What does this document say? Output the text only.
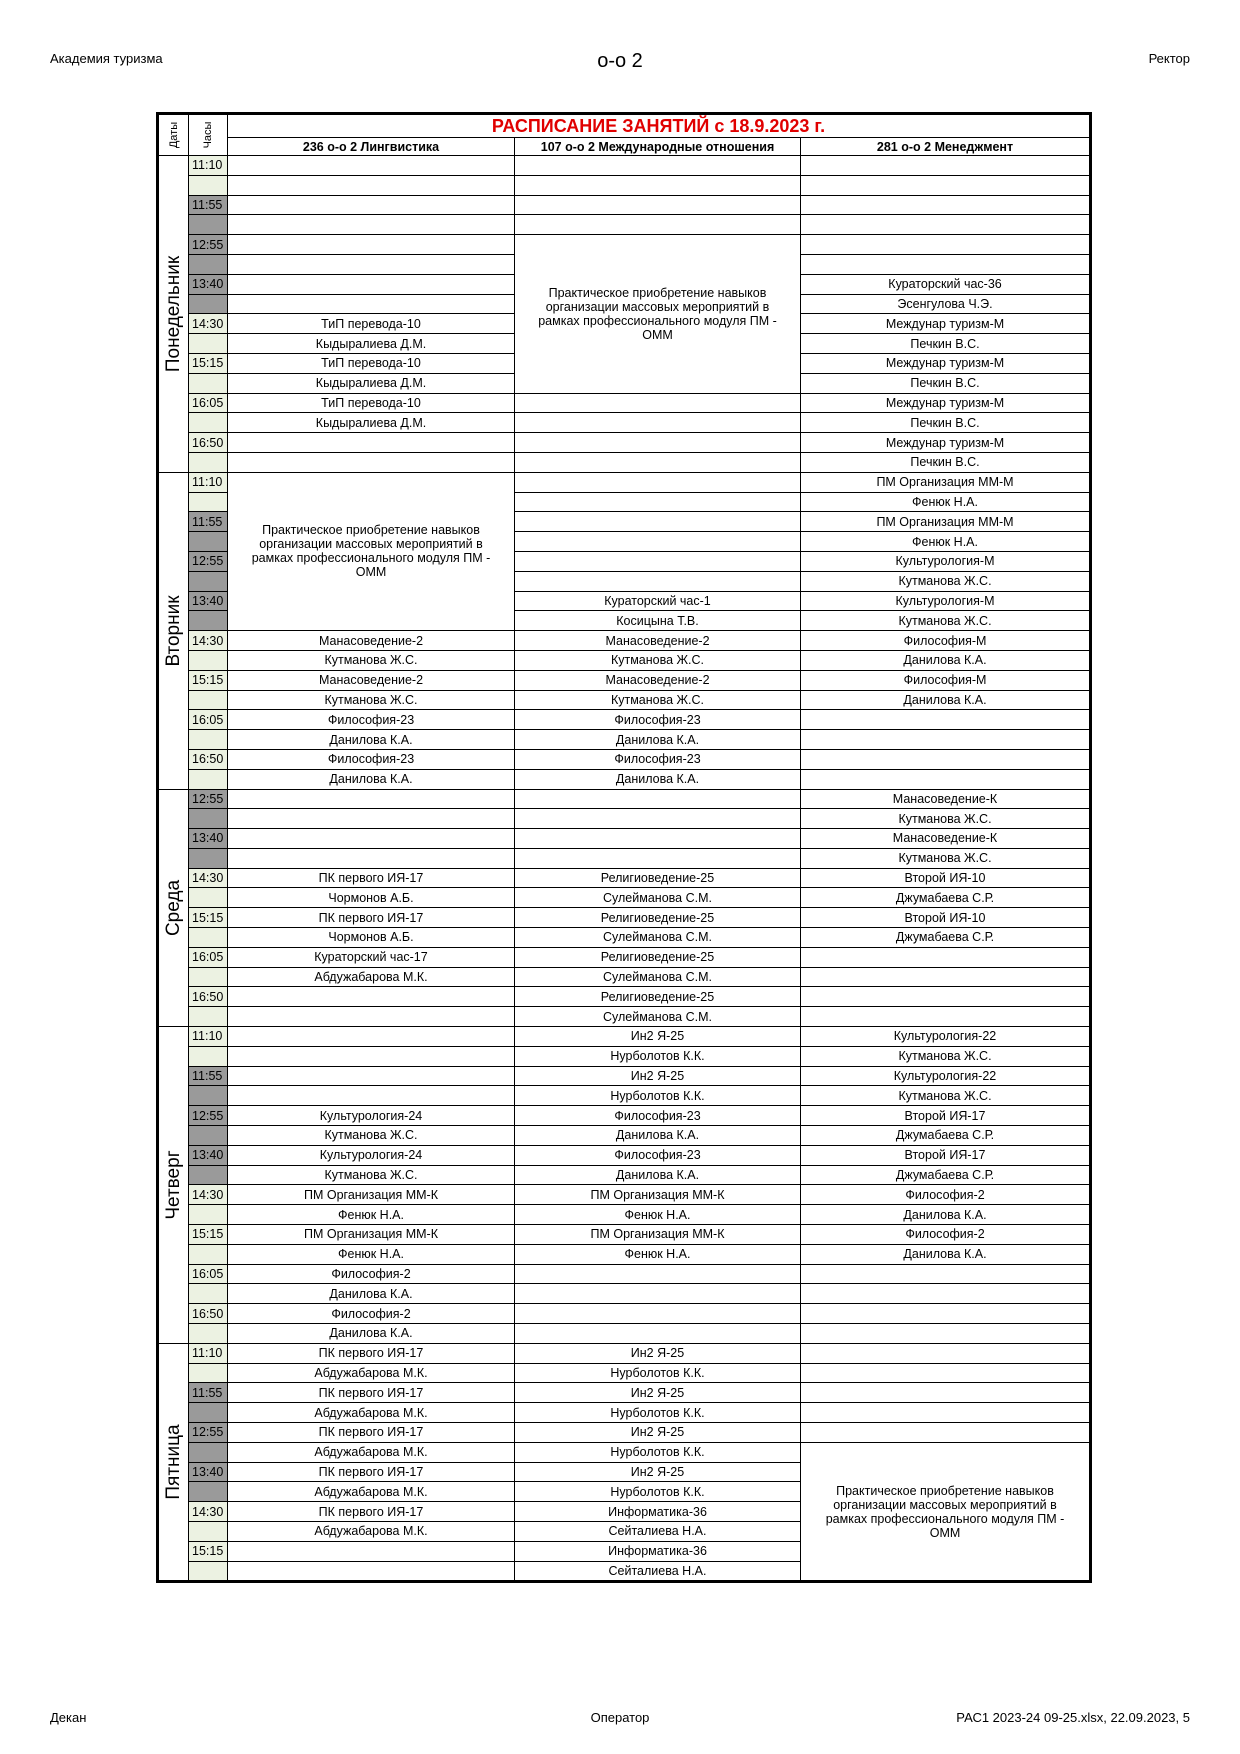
Академия туризма	о-о 2	Ректор
Даты	Часы	РАСПИСАНИЕ ЗАНЯТИЙ с 18.9.2023 г.		
		236 о-о 2 Лингвистика	107 о-о 2 Международные отношения	281 о-о 2 Менеджмент

Понедельник	11:10			

	11:55			

	12:55		Практическое приобретение навыков организации массовых мероприятий в рамках профессионального модуля ПМ - ОММ	

	13:40			Кураторский час-36
				Эсенгулова Ч.Э.
	14:30	ТиП перевода-10		Междунар туризм-М
		Кыдыралиева Д.М.		Печкин В.С.
	15:15	ТиП перевода-10		Междунар туризм-М
		Кыдыралиева Д.М.		Печкин В.С.
	16:05	ТиП перевода-10		Междунар туризм-М
		Кыдыралиева Д.М.		Печкин В.С.
	16:50			Междунар туризм-М
				Печкин В.С.

Вторник	11:10	Практическое приобретение навыков организации массовых мероприятий в рамках профессионального модуля ПМ - ОММ		ПМ Организация ММ-М
				Фенюк Н.А.
	11:55			ПМ Организация ММ-М
				Фенюк Н.А.
	12:55			Культурология-М
				Кутманова Ж.С.
	13:40		Кураторский час-1	Культурология-М
			Косицына Т.В.	Кутманова Ж.С.
	14:30	Манасоведение-2	Манасоведение-2	Философия-М
		Кутманова Ж.С.	Кутманова Ж.С.	Данилова К.А.
	15:15	Манасоведение-2	Манасоведение-2	Философия-М
		Кутманова Ж.С.	Кутманова Ж.С.	Данилова К.А.
	16:05	Философия-23	Философия-23	
		Данилова К.А.	Данилова К.А.	
	16:50	Философия-23	Философия-23	
		Данилова К.А.	Данилова К.А.	

Среда	12:55			Манасоведение-К
				Кутманова Ж.С.
	13:40			Манасоведение-К
				Кутманова Ж.С.
	14:30	ПК первого ИЯ-17	Религиоведение-25	Второй ИЯ-10
		Чормонов А.Б.	Сулейманова С.М.	Джумабаева С.Р.
	15:15	ПК первого ИЯ-17	Религиоведение-25	Второй ИЯ-10
		Чормонов А.Б.	Сулейманова С.М.	Джумабаева С.Р.
	16:05	Кураторский час-17	Религиоведение-25	
		Абдужабарова М.К.	Сулейманова С.М.	
	16:50		Религиоведение-25	
			Сулейманова С.М.	

Четверг	11:10		Ин2 Я-25	Культурология-22
			Нурболотов К.К.	Кутманова Ж.С.
	11:55		Ин2 Я-25	Культурология-22
			Нурболотов К.К.	Кутманова Ж.С.
	12:55	Культурология-24	Философия-23	Второй ИЯ-17
		Кутманова Ж.С.	Данилова К.А.	Джумабаева С.Р.
	13:40	Культурология-24	Философия-23	Второй ИЯ-17
		Кутманова Ж.С.	Данилова К.А.	Джумабаева С.Р.
	14:30	ПМ Организация ММ-К	ПМ Организация ММ-К	Философия-2
		Фенюк Н.А.	Фенюк Н.А.	Данилова К.А.
	15:15	ПМ Организация ММ-К	ПМ Организация ММ-К	Философия-2
		Фенюк Н.А.	Фенюк Н.А.	Данилова К.А.
	16:05	Философия-2		
		Данилова К.А.		
	16:50	Философия-2		
		Данилова К.А.		

Пятница	11:10	ПК первого ИЯ-17	Ин2 Я-25	
		Абдужабарова М.К.	Нурболотов К.К.	
	11:55	ПК первого ИЯ-17	Ин2 Я-25	
		Абдужабарова М.К.	Нурболотов К.К.	
	12:55	ПК первого ИЯ-17	Ин2 Я-25	
		Абдужабарова М.К.	Нурболотов К.К.	Практическое приобретение навыков организации массовых мероприятий в рамках профессионального модуля ПМ - ОММ
	13:40	ПК первого ИЯ-17	Ин2 Я-25	
		Абдужабарова М.К.	Нурболотов К.К.	
	14:30	ПК первого ИЯ-17	Информатика-36	
		Абдужабарова М.К.	Сейталиева Н.А.	
	15:15		Информатика-36	
			Сейталиева Н.А.	
Декан	Оператор	РАС1 2023-24 09-25.xlsx, 22.09.2023, 5
